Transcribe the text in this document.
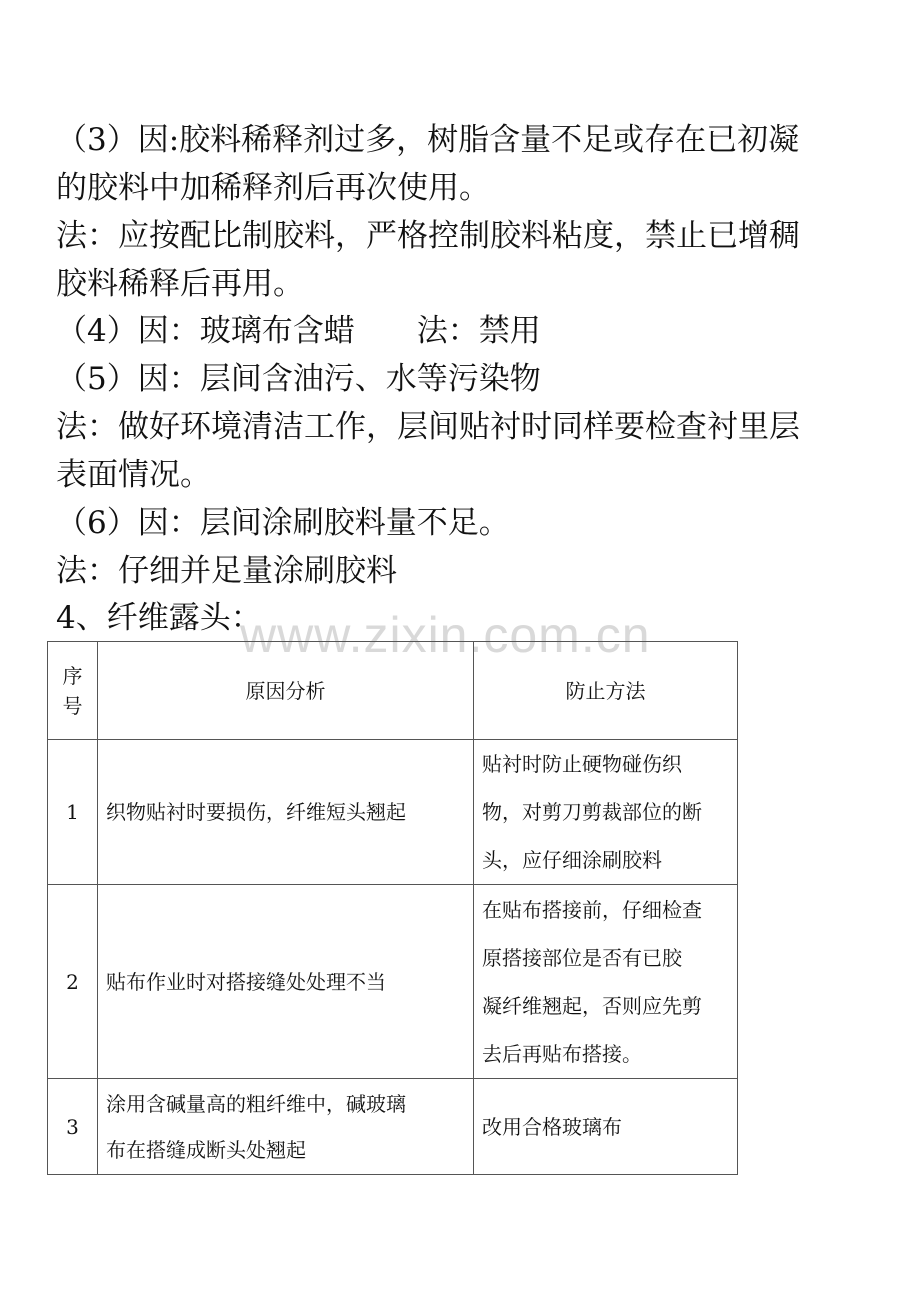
（3）因:胶料稀释剂过多，树脂含量不足或存在已初凝
的胶料中加稀释剂后再次使用。
法：应按配比制胶料，严格控制胶料粘度，禁止已增稠
胶料稀释后再用。
（4）因：玻璃布含蜡　　法：禁用
（5）因：层间含油污、水等污染物
法：做好环境清洁工作，层间贴衬时同样要检查衬里层
表面情况。
（6）因：层间涂刷胶料量不足。
法：仔细并足量涂刷胶料
4、纤维露头：
www.zixin.com.cn
序号	原因分析	防止方法
1	织物贴衬时要损伤，纤维短头翘起	贴衬时防止硬物碰伤织
物，对剪刀剪裁部位的断
头，应仔细涂刷胶料

2	贴布作业时对搭接缝处处理不当	在贴布搭接前，仔细检查
原搭接部位是否有已胶
凝纤维翘起，否则应先剪
去后再贴布搭接。

3	涂用含碱量高的粗纤维中，碱玻璃
布在搭缝成断头处翘起	改用合格玻璃布
